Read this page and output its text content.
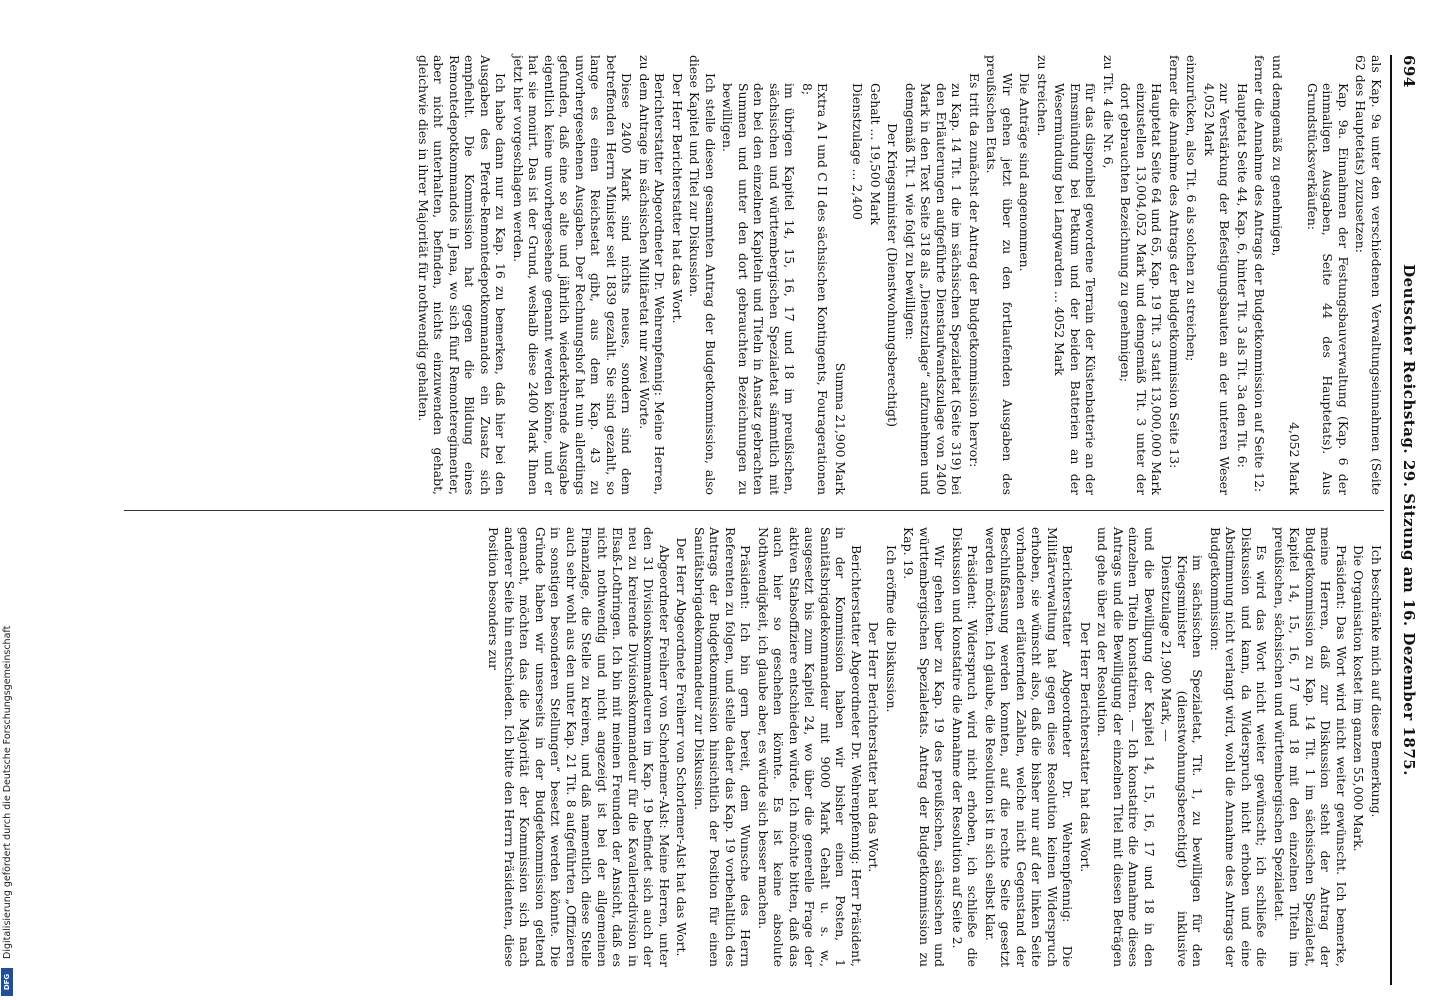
694
Deutscher Reichstag. 29. Sitzung am 16. Dezember 1875.

als Kap. 9a unter den verschiedenen Verwaltungseinnahmen (Seite 62 des Hauptetats) zuzusetzen:

Kap. 9a. Einnahmen der Festungsbauverwaltung (Kap. 6 der einmaligen Ausgaben, Seite 44 des Hauptetats). Aus Grundstücksverkäufen:

4,052 Mark

und demgemäß zu genehmigen,

ferner die Annahme des Antrags der Budgetkommission auf Seite 12:

Hauptetat Seite 44, Kap. 6, hinter Tit. 3 als Tit. 3a den Tit. 6:

zur Verstärkung der Befestigungsbauten an der unteren Weser 4,052 Mark

einzurücken, also Tit. 6 als solchen zu streichen;

ferner die Annahme des Antrags der Budgetkommission Seite 13:

Hauptetat Seite 64 und 65, Kap. 19 Tit. 3 statt 13,000,000 Mark einzustellen 13,004,052 Mark und demgemäß Tit. 3 unter der dort gebrauchten Bezeichnung zu genehmigen;

zu Tit. 4 die Nr. 6,

für das disponibel gewordene Terrain der Küstenbatterie an der Emsmündung bei Petkum und der beiden Batterien an der Wesermündung bei Langwarden ... 4052 Mark

zu streichen.

Die Anträge sind angenommen.

Wir gehen jetzt über zu den fortlaufenden Ausgaben des preußischen Etats.

Es tritt da zunächst der Antrag der Budgetkommission hervor:

zu Kap. 14 Tit. 1 die im sächsischen Spezialetat (Seite 319) bei den Erläuterungen aufgeführte Dienstaufwandszulage von 2400 Mark in den Text Seite 318 als „Dienstzulage“ aufzunehmen und demgemäß Tit. 1 wie folgt zu bewilligen:

Der Kriegsminister (Dienstwohnungsberechtigt)

Gehalt ... 19,500 Mark

Dienstzulage ... 2,400

Summa 21,900 Mark

Extra A I und C II des sächsischen Kontingents, Fouragerationen 8;

im übrigen Kapitel 14, 15, 16, 17 und 18 im preußischen, sächsischen und württembergischen Spezialetat sämmtlich mit den bei den einzelnen Kapiteln und Titeln in Ansatz gebrachten Summen und unter den dort gebrauchten Bezeichnungen zu bewilligen.

Ich stelle diesen gesammten Antrag der Budgetkommission, also diese Kapitel und Titel zur Diskussion.

Der Herr Berichterstatter hat das Wort.

Berichterstatter Abgeordneter Dr. Wehrenpfennig: Meine Herren, zu dem Antrage im sächsischen Militäretat nur zwei Worte.

Diese 2400 Mark sind nichts neues, sondern sind dem betreffenden Herrn Minister seit 1839 gezahlt. Sie sind gezahlt, so lange es einen Reichsetat gibt, aus dem Kap. 43 zu unvorhergesehenen Ausgaben. Der Rechnungshof hat nun allerdings gefunden, daß eine so alte und jährlich wiederkehrende Ausgabe eigentlich keine unvorhergesehene genannt werden könne, und er hat sie monirt. Das ist der Grund, weshalb diese 2400 Mark Ihnen jetzt hier vorgeschlagen werden.

Ich habe dann nur zu Kap. 16 zu bemerken, daß hier bei den Ausgaben des Pferde-Remontedepotkommandos ein Zusatz sich empfiehlt. Die Kommission hat gegen die Bildung eines Remontedepotkommandos in Jena, wo sich fünf Remonteregimenter, aber nicht unterhalten, befinden, nichts einzuwenden gehabt, gleichwie dies in ihrer Majorität für nothwendig gehalten.

Ich beschränke mich auf diese Bemerkung.

Die Organisation kostet im ganzen 55,000 Mark.

Präsident: Das Wort wird nicht weiter gewünscht. Ich bemerke, meine Herren, daß zur Diskussion steht der Antrag der Budgetkommission zu Kap. 14 Tit. 1 im sächsischen Spezialetat, Kapitel 14, 15, 16, 17 und 18 mit den einzelnen Titeln im preußischen, sächsischen und württembergischen Spezialetat.

Es wird das Wort nicht weiter gewünscht; ich schließe die Diskussion und kann, da Widerspruch nicht erhoben und eine Abstimmung nicht verlangt wird, wohl die Annahme des Antrags der Budgetkommission:

im sächsischen Spezialetat, Tit. 1, zu bewilligen für den Kriegsminister (dienstwohnungsberechtigt) inklusive Dienstzulage 21,900 Mark, —

und die Bewilligung der Kapitel 14, 15, 16, 17 und 18 in den einzelnen Titeln konstatiren. — Ich konstatire die Annahme dieses Antrags und die Bewilligung der einzelnen Titel mit diesen Beträgen und gehe über zu der Resolution.

Der Herr Berichterstatter hat das Wort.

Berichterstatter Abgeordneter Dr. Wehrenpfennig: Die Militärverwaltung hat gegen diese Resolution keinen Widerspruch erhoben, sie wünscht also, daß die bisher nur auf der linken Seite vorhandenen erläuternden Zahlen, welche nicht Gegenstand der Beschlußfassung werden konnten, auf die rechte Seite gesetzt werden möchten. Ich glaube, die Resolution ist in sich selbst klar.

Präsident: Widerspruch wird nicht erhoben, ich schließe die Diskussion und konstatire die Annahme der Resolution auf Seite 2.

Wir gehen über zu Kap. 19 des preußischen, sächsischen und württembergischen Spezialetats. Antrag der Budgetkommission zu Kap. 19.

Ich eröffne die Diskussion.

Der Herr Berichterstatter hat das Wort.

Berichterstatter Abgeordneter Dr. Wehrenpfennig: Herr Präsident, in der Kommission haben wir bisher einen Posten, 1 Sanitätsbrigadekommandeur mit 9000 Mark Gehalt u. s. w., ausgesetzt bis zum Kapitel 24, wo über die generelle Frage der aktiven Stabsoffiziere entschieden würde. Ich möchte bitten, daß das auch hier so geschehen könnte. Es ist keine absolute Nothwendigkeit, ich glaube aber, es würde sich besser machen.

Präsident: Ich bin gern bereit, dem Wunsche des Herrn Referenten zu folgen, und stelle daher das Kap. 19 vorbehaltlich des Antrags der Budgetkommission hinsichtlich der Position für einen Sanitätsbrigadekommandeur zur Diskussion.

Der Herr Abgeordnete Freiherr von Schorlemer-Alst hat das Wort.

Abgeordneter Freiherr von Schorlemer-Alst: Meine Herren, unter den 31 Divisionskommandeuren im Kap. 19 befindet sich auch der neu zu kreirende Divisionskommandeur für die Kavalleriedivision in Elsaß-Lothringen. Ich bin mit meinen Freunden der Ansicht, daß es nicht nothwendig und nicht angezeigt ist bei der allgemeinen Finanzlage, die Stelle zu kreiren, und daß namentlich diese Stelle auch sehr wohl aus den unter Kap. 21 Tit. 8 aufgeführten „Offizieren in sonstigen besonderen Stellungen“ besetzt werden könnte. Die Gründe haben wir unserseits in der Budgetkommission geltend gemacht, möchten das die Majorität der Kommission sich nach anderer Seite hin entschieden. Ich bitte den Herrn Präsidenten, diese Position besonders zur

Digitalisierung gefördert durch die Deutsche Forschungsgemeinschaft
DFG
